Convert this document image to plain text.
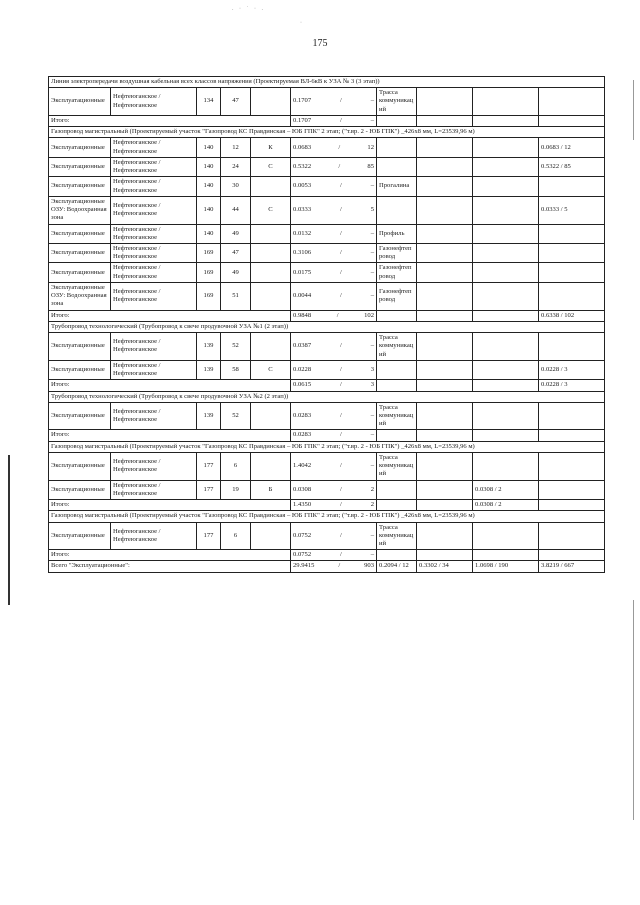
175
. · ˙ · .
·
Линия электропередачи воздушная кабельная всех классов напряжения (Проектируемая ВЛ-6кВ к УЗА № 3 (3 этап))									
Эксплуатационные	Нефтеюганское / Нефтеюганское	134	47		0.1707 / –	Трасса коммуникаций			
Итого:					0.1707 / –				

Газопровод магистральный (Проектируемый участок "Газопровод КС Правдинская – ЮБ ГПК" 2 этап; ("т.вр. 2 - ЮБ ГПК") _426x8 мм, L=23539,96 м)									
Эксплуатационные	Нефтеюганское / Нефтеюганское	140	12	К	0.0683 / 12				0.0683 / 12
Эксплуатационные	Нефтеюганское / Нефтеюганское	140	24	С	0.5322 / 85				0.5322 / 85
Эксплуатационные	Нефтеюганское / Нефтеюганское	140	30		0.0053 / –	Прогалина			
Эксплуатационные ОЗУ: Водоохранная зона	Нефтеюганское / Нефтеюганское	140	44	С	0.0333 / 5				0.0333 / 5
Эксплуатационные	Нефтеюганское / Нефтеюганское	140	49		0.0132 / –	Профиль			
Эксплуатационные	Нефтеюганское / Нефтеюганское	169	47		0.3106 / –	Газонефтепровод			
Эксплуатационные	Нефтеюганское / Нефтеюганское	169	49		0.0175 / –	Газонефтепровод			
Эксплуатационные ОЗУ: Водоохранная зона	Нефтеюганское / Нефтеюганское	169	51		0.0044 / –	Газонефтепровод			
Итого:					0.9848 / 102				0.6338 / 102
Трубопровод технологический (Трубопровод к свече продувочной УЗА №1 (2 этап))									
Эксплуатационные	Нефтеюганское / Нефтеюганское	139	52		0.0387 / –	Трасса коммуникаций			
Эксплуатационные	Нефтеюганское / Нефтеюганское	139	58	С	0.0228 / 3				0.0228 / 3
Итого:					0.0615 / 3				0.0228 / 3
Трубопровод технологический (Трубопровод к свече продувочной УЗА №2 (2 этап))									
Эксплуатационные	Нефтеюганское / Нефтеюганское	139	52		0.0283 / –	Трасса коммуникаций			
Итого:					0.0283 / –				

Газопровод магистральный (Проектируемый участок "Газопровод КС Правдинская – ЮБ ГПК" 2 этап; ("т.вр. 2 - ЮБ ГПК") _426x8 мм, L=23539,96 м)									
Эксплуатационные	Нефтеюганское / Нефтеюганское	177	6		1.4042 / –	Трасса коммуникаций			
Эксплуатационные	Нефтеюганское / Нефтеюганское	177	19	Б	0.0308 / 2			0.0308 / 2	
Итого:					1.4350 / 2			0.0308 / 2	
Газопровод магистральный (Проектируемый участок "Газопровод КС Правдинская – ЮБ ГПК" 2 этап; ("т.вр. 2 - ЮБ ГПК") _426x8 мм, L=23539,96 м)									
Эксплуатационные	Нефтеюганское / Нефтеюганское	177	6		0.0752 / –	Трасса коммуникаций			
Итого:					0.0752 / –				

Всего "Эксплуатационные":					29.9415 / 903	0.2094 / 12	0.3302 / 34	1.0698 / 190	3.8219 / 667
